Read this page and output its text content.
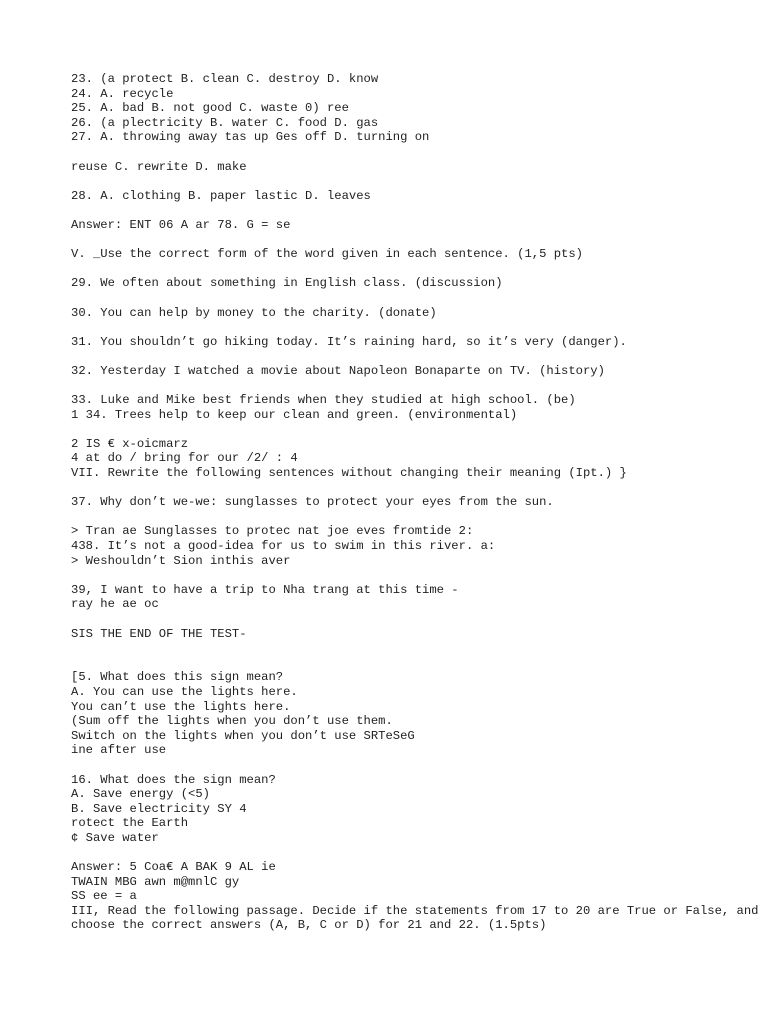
23. (a protect B. clean C. destroy D. know
24. A. recycle
25. A. bad B. not good C. waste 0) ree
26. (a plectricity B. water C. food D. gas
27. A. throwing away tas up Ges off D. turning on
reuse C. rewrite D. make
28. A. clothing B. paper lastic D. leaves
Answer: ENT 06 A ar 78. G = se
V. _Use the correct form of the word given in each sentence. (1,5 pts)
29. We often about something in English class. (discussion)
30. You can help by money to the charity. (donate)
31. You shouldn’t go hiking today. It’s raining hard, so it’s very (danger).
32. Yesterday I watched a movie about Napoleon Bonaparte on TV. (history)
33. Luke and Mike best friends when they studied at high school. (be)
1 34. Trees help to keep our clean and green. (environmental)
2 IS € x-oicmarz
4 at do / bring for our /2/ : 4
VII. Rewrite the following sentences without changing their meaning (Ipt.) }
37. Why don’t we-we: sunglasses to protect your eyes from the sun.
> Tran ae Sunglasses to protec nat joe eves fromtide 2:
438. It’s not a good-idea for us to swim in this river. a:
> Weshouldn’t Sion inthis aver
39, I want to have a trip to Nha trang at this time -
ray he ae oc
SIS THE END OF THE TEST-
[5. What does this sign mean?
A. You can use the lights here.
You can’t use the lights here.
(Sum off the lights when you don’t use them.
Switch on the lights when you don’t use SRTeSeG
ine after use
16. What does the sign mean?
A. Save energy (<5)
B. Save electricity SY 4
rotect the Earth
¢ Save water
Answer: 5 Coa€ A BAK 9 AL ie
TWAIN MBG awn m@mnlC gy
SS ee = a
III, Read the following passage. Decide if the statements from 17 to 20 are True or False, and choose the correct answers (A, B, C or D) for 21 and 22. (1.5pts)
